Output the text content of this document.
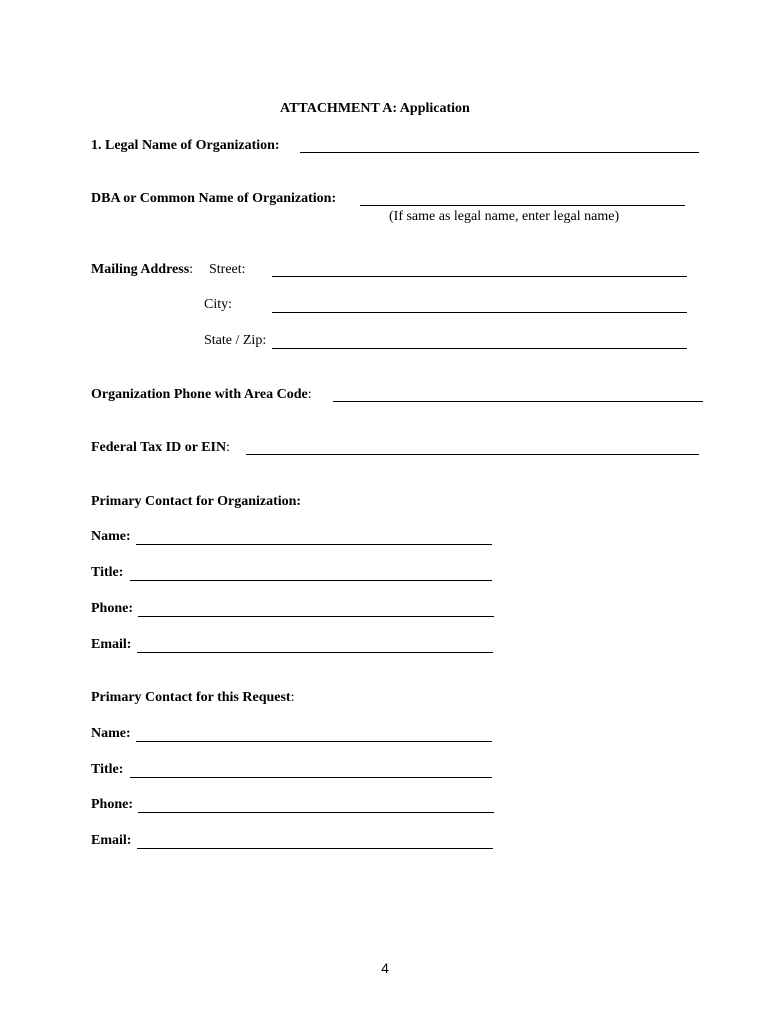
ATTACHMENT A: Application
1. Legal Name of Organization:
DBA or Common Name of Organization:
(If same as legal name, enter legal name)
Mailing Address: Street:
City:
State / Zip:
Organization Phone with Area Code:
Federal Tax ID or EIN:
Primary Contact for Organization:
Name:
Title:
Phone:
Email:
Primary Contact for this Request:
Name:
Title:
Phone:
Email:
4
